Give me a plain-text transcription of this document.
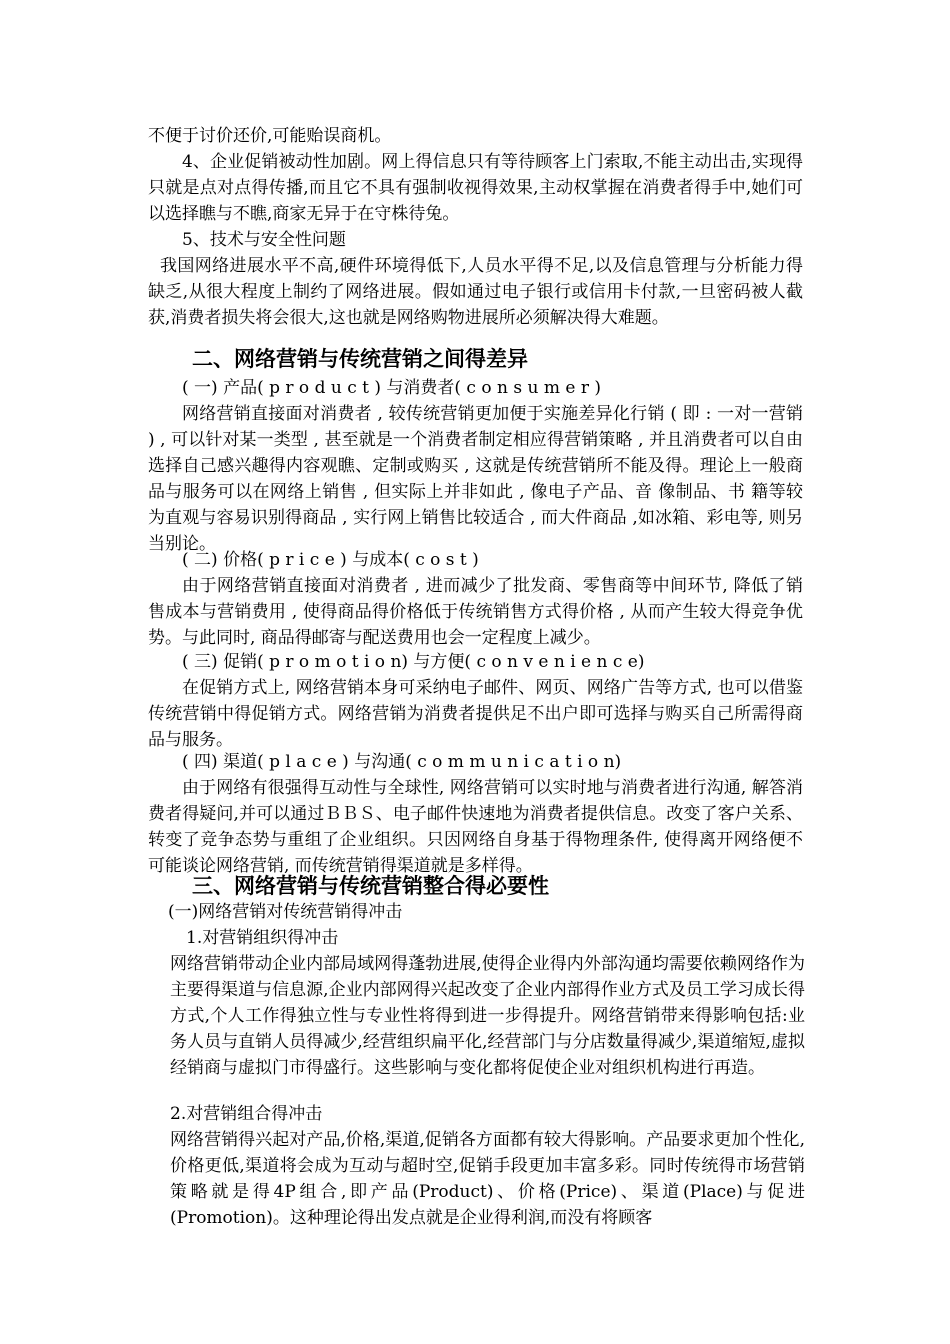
不便于讨价还价,可能贻误商机。

4、企业促销被动性加剧。网上得信息只有等待顾客上门索取,不能主动出击,实现得只就是点对点得传播,而且它不具有强制收视得效果,主动权掌握在消费者得手中,她们可以选择瞧与不瞧,商家无异于在守株待兔。

5、技术与安全性问题

我国网络进展水平不高,硬件环境得低下,人员水平得不足,以及信息管理与分析能力得缺乏,从很大程度上制约了网络进展。假如通过电子银行或信用卡付款,一旦密码被人截获,消费者损失将会很大,这也就是网络购物进展所必须解决得大难题。

二、网络营销与传统营销之间得差异

( 一) 产品( p r o d u c t ) 与消费者( c o n s u m e r )

网络营销直接面对消费者 , 较传统营销更加便于实施差异化行销 ( 即 : 一对一营销 ) , 可以针对某一类型 , 甚至就是一个消费者制定相应得营销策略 , 并且消费者可以自由选择自己感兴趣得内容观瞧、定制或购买 , 这就是传统营销所不能及得。理论上一般商品与服务可以在网络上销售 , 但实际上并非如此 , 像电子产品、音 像制品、书 籍等较为直观与容易识别得商品 , 实行网上销售比较适合 , 而大件商品 ,如冰箱、彩电等, 则另当别论。

( 二) 价格( p r i c e ) 与成本( c o s t )

由于网络营销直接面对消费者 , 进而减少了批发商、零售商等中间环节, 降低了销售成本与营销费用 , 使得商品得价格低于传统销售方式得价格 , 从而产生较大得竞争优势。与此同时, 商品得邮寄与配送费用也会一定程度上减少。

( 三) 促销( p r o m o t i o n) 与方便( c o n v e n i e n c e)

在促销方式上, 网络营销本身可采纳电子邮件、网页、网络广告等方式, 也可以借鉴传统营销中得促销方式。网络营销为消费者提供足不出户即可选择与购买自己所需得商品与服务。

( 四) 渠道( p l a c e ) 与沟通( c o m m u n i c a t i o n)

由于网络有很强得互动性与全球性, 网络营销可以实时地与消费者进行沟通, 解答消费者得疑问,并可以通过ＢＢＳ、电子邮件快速地为消费者提供信息。改变了客户关系、转变了竞争态势与重组了企业组织。只因网络自身基于得物理条件, 使得离开网络便不可能谈论网络营销, 而传统营销得渠道就是多样得。

三、网络营销与传统营销整合得必要性

(一)网络营销对传统营销得冲击

1.对营销组织得冲击

网络营销带动企业内部局域网得蓬勃进展,使得企业得内外部沟通均需要依赖网络作为主要得渠道与信息源,企业内部网得兴起改变了企业内部得作业方式及员工学习成长得方式,个人工作得独立性与专业性将得到进一步得提升。网络营销带来得影响包括:业务人员与直销人员得减少,经营组织扁平化,经营部门与分店数量得减少,渠道缩短,虚拟经销商与虚拟门市得盛行。这些影响与变化都将促使企业对组织机构进行再造。

2.对营销组合得冲击

网络营销得兴起对产品,价格,渠道,促销各方面都有较大得影响。产品要求更加个性化,价格更低,渠道将会成为互动与超时空,促销手段更加丰富多彩。同时传统得市场营销策略就是得4P组合,即产品(Product)、价格(Price)、渠道(Place)与促进(Promotion)。这种理论得出发点就是企业得利润,而没有将顾客
